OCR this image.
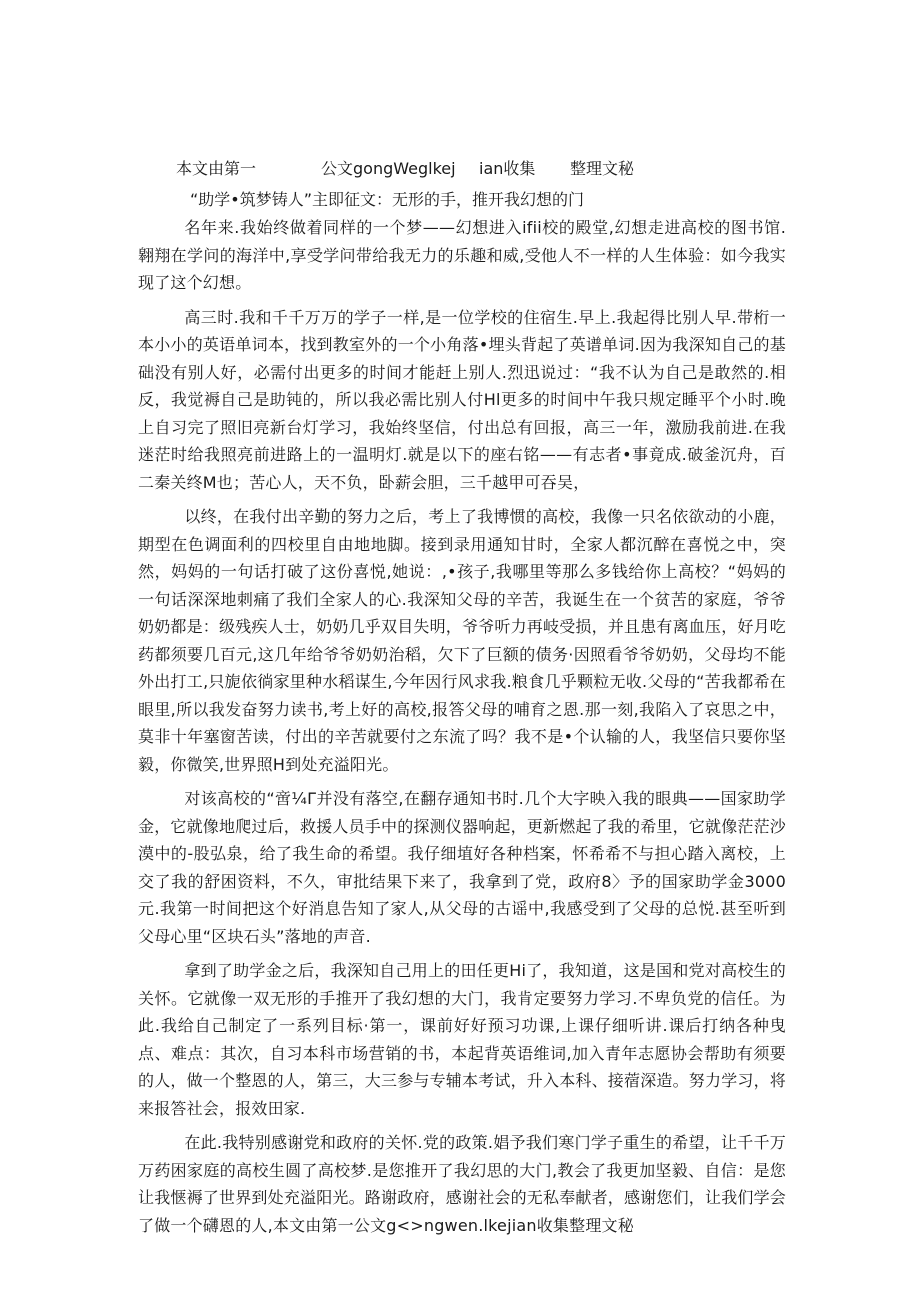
本文由第一	公文gongWeglkej ian收集 整理文秘
“助学•筑梦铸人”主即征文：无形的手，推开我幻想的门

名年来.我始终做着同样的一个梦——幻想进入ifii校的殿堂,幻想走进高校的图书馆.翱翔在学问的海洋中,享受学问带给我无力的乐趣和威,受他人不一样的人生体验：如今我实现了这个幻想。

高三时.我和千千万万的学子一样,是一位学校的住宿生.早上.我起得比别人早.带桁一本小小的英语单词本，找到教室外的一个小角落•埋头背起了英谱单词.因为我深知自己的基础没有别人好，必需付出更多的时间才能赶上别人.烈迅说过：“我不认为自己是敢然的.相反，我觉褥自己是助钝的，所以我必需比别人付Hl更多的时间中午我只规定睡平个小时.晚上自习完了照旧亮新台灯学习，我始终坚信，付出总有回报，高三一年，激励我前进.在我迷茫时给我照亮前进路上的一温明灯.就是以下的座右铭——有志者•事竟成.破釜沉舟，百二秦关终M也；苦心人，天不负，卧薪会胆，三千越甲可吞吴，

以终，在我付出辛勤的努力之后，考上了我博惯的高校，我像一只名依欲动的小鹿，期型在色调面利的四校里自由地地脚。接到录用通知甘时，全家人都沉醉在喜悦之中，突然，妈妈的一句话打破了这份喜悦,她说：,•孩子,我哪里等那么多钱给你上高校？“妈妈的一句话深深地刺痛了我们全家人的心.我深知父母的辛苦，我诞生在一个贫苦的家庭，爷爷奶奶都是：级残疾人士，奶奶几乎双目失明，爷爷听力再岐受损，并且患有离血压，好月吃药都须要几百元,这几年给爷爷奶奶治稻，欠下了巨额的债务·因照看爷爷奶奶，父母均不能外出打工,只旎依徜家里种水稻谋生,今年因行风求我.粮食几乎颗粒无收.父母的“苦我都希在眼里,所以我发奋努力读书,考上好的高校,报答父母的哺育之恩.那一刻,我陷入了哀思之中，莫非十年塞窗苦读，付出的辛苦就要付之东流了吗？我不是•个认输的人，我坚信只要你坚毅，你微笑,世界照H到处充溢阳光。

对该高校的“啻¼Γ并没有落空,在翻存通知书时.几个大字映入我的眼典——国家助学金，它就像地爬过后，救援人员手中的探测仪器响起，更新燃起了我的希里，它就像茫茫沙漠中的-股弘泉，给了我生命的希望。我仔细埴好各种档案，怀希希不与担心踏入离校，上交了我的舒困资料，不久，审批结果下来了，我拿到了党，政府8〉予的国家助学金3000元.我第一时间把这个好消息告知了家人,从父母的古谣中,我感受到了父母的总悦.甚至听到父母心里“区块石头”落地的声音.

拿到了助学金之后，我深知自己用上的田任更Hi了，我知道，这是国和党对高校生的关怀。它就像一双无形的手推开了我幻想的大门，我肯定要努力学习.不卑负党的信任。为此.我给自己制定了一系列目标·第一，课前好好预习功课,上课仔细听讲.课后打纳各种曳点、难点：其次，自习本科市场营销的书，本起背英语维词,加入青年志愿协会帮助有须要的人，做一个整恩的人，第三，大三参与专辅本考试，升入本科、接蓿深造。努力学习，将来报答社会，报效田家.

在此.我特别感谢党和政府的关怀.党的政策.娼予我们寒门学子重生的希望，让千千万万药困家庭的高校生圆了高校梦.是您推开了我幻思的大门,教会了我更加坚毅、自信：是您让我惬褥了世界到处充溢阳光。路谢政府，感谢社会的无私奉献者，感谢您们，让我们学会了做一个礴恩的人,本文由第一公文g<>ngwen.lkejian收集整理文秘
